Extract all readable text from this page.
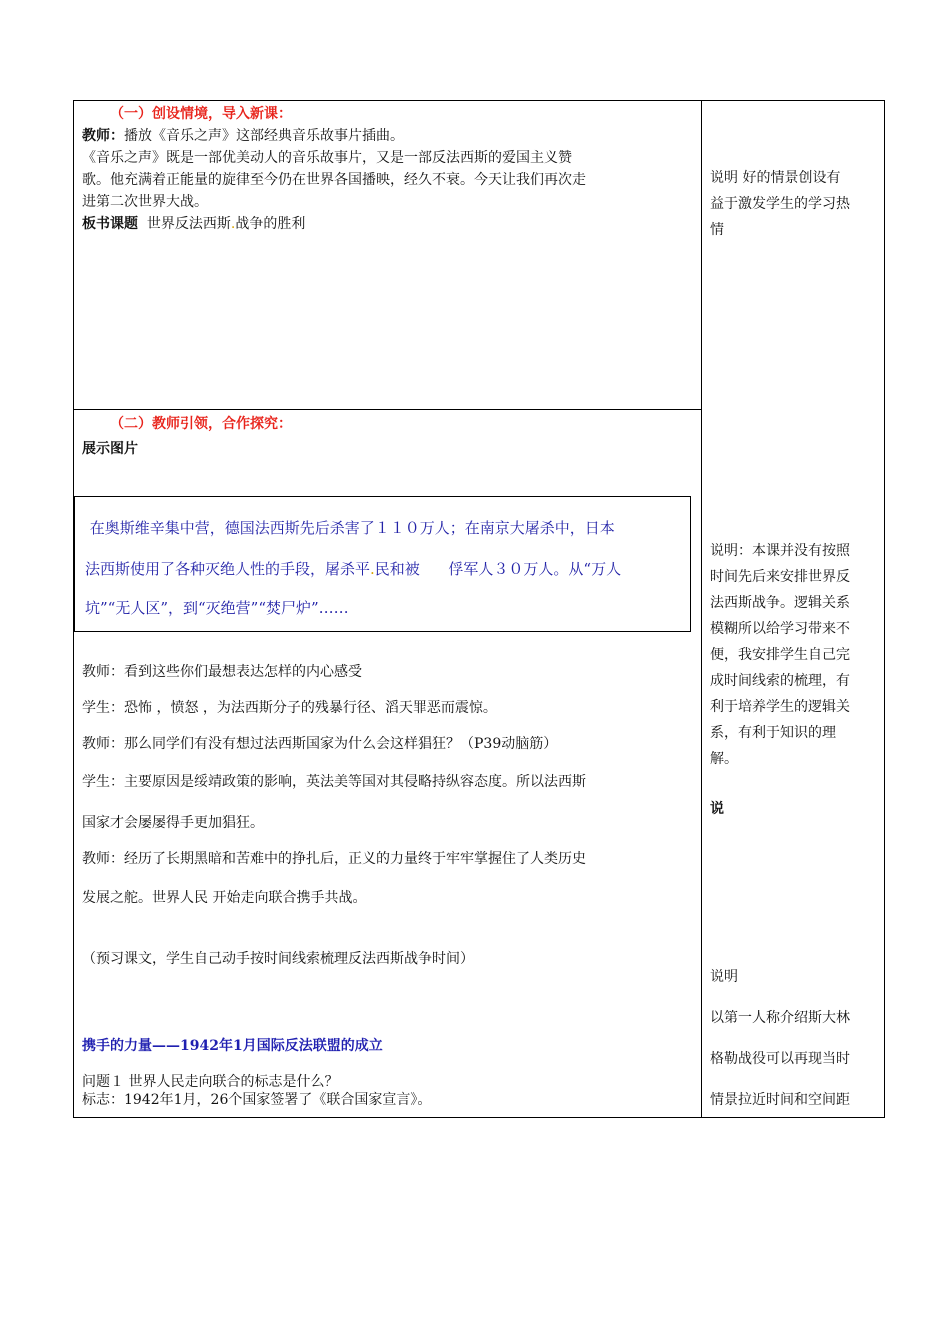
（一）创设情境，导入新课：

教师：播放《音乐之声》这部经典音乐故事片插曲。

《音乐之声》既是一部优美动人的音乐故事片，又是一部反法西斯的爱国主义赞

歌。他充满着正能量的旋律至今仍在世界各国播映，经久不衰。今天让我们再次走

进第二次世界大战。

板书课题 世界反法西斯.战争的胜利

（二）教师引领，合作探究：

展示图片

在奥斯维辛集中营，德国法西斯先后杀害了１１０万人；在南京大屠杀中，日本
法西斯使用了各种灭绝人性的手段，屠杀平.民和被 俘军人３０万人。从“万人
坑”“无人区”，到“灭绝营”“焚尸炉”……

教师：看到这些你们最想表达怎样的内心感受

学生：恐怖 ，愤怒 ，为法西斯分子的残暴行径、滔天罪恶而震惊。

教师：那么同学们有没有想过法西斯国家为什么会这样猖狂？（P39动脑筋）

学生：主要原因是绥靖政策的影响，英法美等国对其侵略持纵容态度。所以法西斯

国家才会屡屡得手更加猖狂。

教师：经历了长期黑暗和苦难中的挣扎后，正义的力量终于牢牢掌握住了人类历史

发展之舵。世界人民 开始走向联合携手共战。

（预习课文，学生自己动手按时间线索梳理反法西斯战争时间）

携手的力量——1942年1月国际反法联盟的成立

问题１ 世界人民走向联合的标志是什么？

标志：1942年1月，26个国家签署了《联合国家宣言》。

说明 好的情景创设有
益于激发学生的学习热
情
说明：本课并没有按照
时间先后来安排世界反
法西斯战争。逻辑关系
模糊所以给学习带来不
便，我安排学生自己完
成时间线索的梳理，有
利于培养学生的逻辑关
系，有利于知识的理
解。
说
说明
以第一人称介绍斯大林
格勒战役可以再现当时
情景拉近时间和空间距
